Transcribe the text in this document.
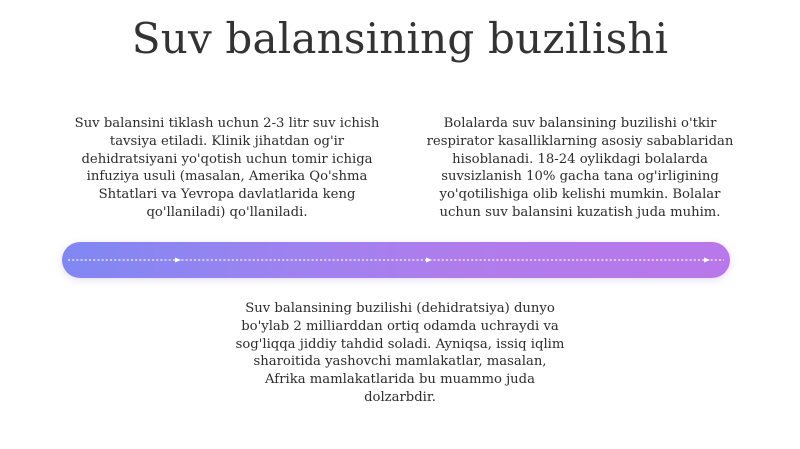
Suv balansining buzilishi

Suv balansini tiklash uchun 2-3 litr suv ichish tavsiya etiladi. Klinik jihatdan og'ir dehidratsiyani yo'qotish uchun tomir ichiga infuziya usuli (masalan, Amerika Qo'shma Shtatlari va Yevropa davlatlarida keng qo'llaniladi) qo'llaniladi.

Bolalarda suv balansining buzilishi o'tkir respirator kasalliklarning asosiy sabablaridan hisoblanadi. 18-24 oylikdagi bolalarda suvsizlanish 10% gacha tana og'irligining yo'qotilishiga olib kelishi mumkin. Bolalar uchun suv balansini kuzatish juda muhim.

Suv balansining buzilishi (dehidratsiya) dunyo bo'ylab 2 milliarddan ortiq odamda uchraydi va sog'liqqa jiddiy tahdid soladi. Ayniqsa, issiq iqlim sharoitida yashovchi mamlakatlar, masalan, Afrika mamlakatlarida bu muammo juda dolzarbdir.
